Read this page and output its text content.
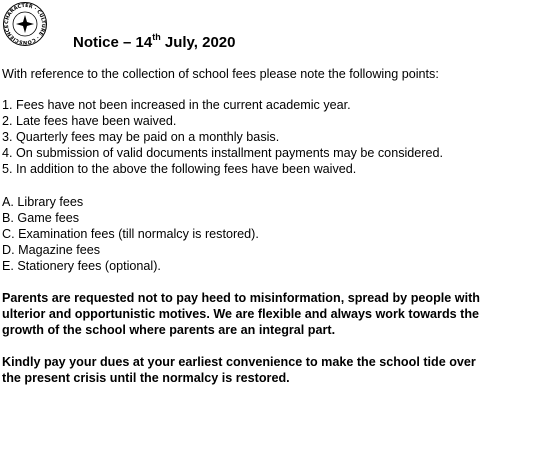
CHARACTER · CULTURE · CONSCIENCE
Notice – 14th July, 2020
With reference to the collection of school fees please note the following points:
1. Fees have not been increased in the current academic year.
2. Late fees have been waived.
3. Quarterly fees may be paid on a monthly basis.
4. On submission of valid documents installment payments may be considered.
5. In addition to the above the following fees have been waived.
A. Library fees
B. Game fees
C. Examination fees (till normalcy is restored).
D. Magazine fees
E. Stationery fees (optional).
Parents are requested not to pay heed to misinformation, spread by people with
ulterior and opportunistic motives. We are flexible and always work towards the
growth of the school where parents are an integral part.
Kindly pay your dues at your earliest convenience to make the school tide over
the present crisis until the normalcy is restored.
